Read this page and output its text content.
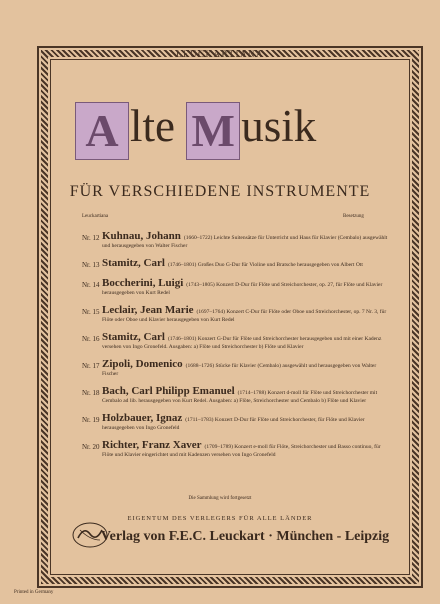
LEUCKARTIANA
A lte M usik
FÜR VERSCHIEDENE INSTRUMENTE
Leuckartiana	Besetzung
Nr. 12 Kuhnau, Johann (1660–1722) Leichte Suitensätze für Unterricht und Haus für Klavier (Cembalo) ausgewählt und herausgegeben von Walter Fischer
Nr. 13 Stamitz, Carl (1746–1801) Großes Duo G-Dur für Violine und Bratsche herausgegeben von Albert Ott
Nr. 14 Boccherini, Luigi (1743–1805) Konzert D-Dur für Flöte und Streichorchester, op. 27, für Flöte und Klavier herausgegeben von Kurt Redel
Nr. 15 Leclair, Jean Marie (1697–1764) Konzert C-Dur für Flöte oder Oboe und Streichorchester, op. 7 Nr. 3, für Flöte oder Oboe und Klavier herausgegeben von Kurt Redel
Nr. 16 Stamitz, Carl (1746–1801) Konzert G-Dur für Flöte und Streichorchester herausgegeben und mit einer Kadenz versehen von Ingo Gronefeld. Ausgaben: a) Flöte und Streichorchester b) Flöte und Klavier
Nr. 17 Zipoli, Domenico (1688–1726) Stücke für Klavier (Cembalo) ausgewählt und herausgegeben von Walter Fischer
Nr. 18 Bach, Carl Philipp Emanuel (1714–1788) Konzert d-moll für Flöte und Streichorchester mit Cembalo ad lib. herausgegeben von Kurt Redel. Ausgaben: a) Flöte, Streichorchester und Cembalo b) Flöte und Klavier
Nr. 19 Holzbauer, Ignaz (1711–1783) Konzert D-Dur für Flöte und Streichorchester, für Flöte und Klavier herausgegeben von Ingo Gronefeld
Nr. 20 Richter, Franz Xaver (1709–1789) Konzert e-moll für Flöte, Streichorchester und Basso continuo, für Flöte und Klavier eingerichtet und mit Kadenzen versehen von Ingo Gronefeld
Die Sammlung wird fortgesetzt
EIGENTUM DES VERLEGERS FÜR ALLE LÄNDER
Verlag von F.E.C. Leuckart · München - Leipzig
Printed in Germany
